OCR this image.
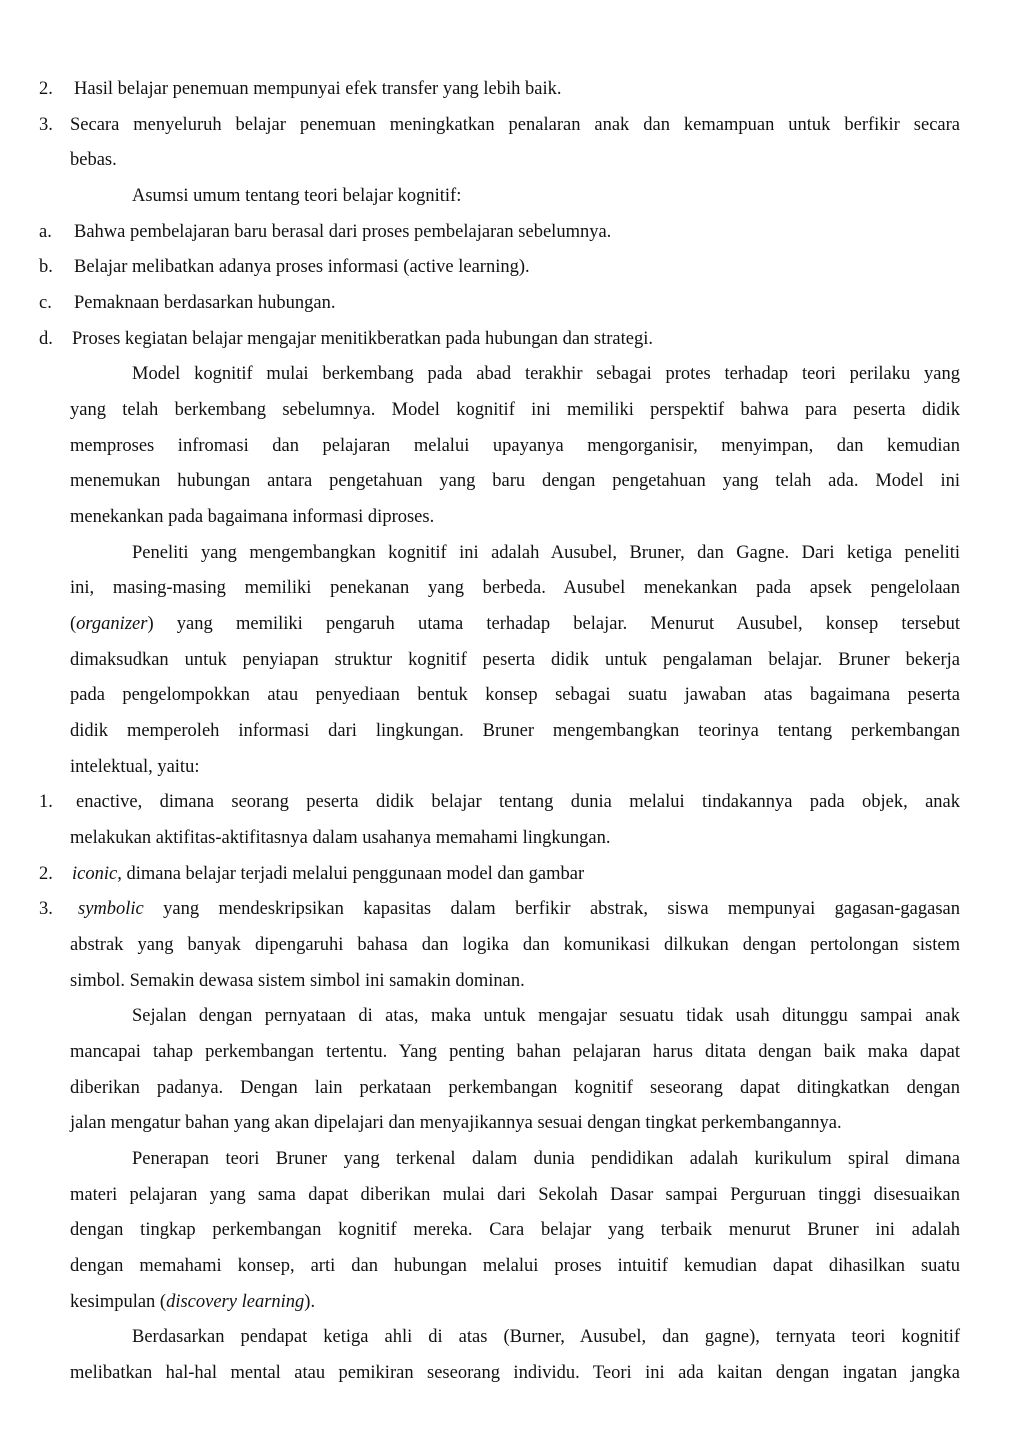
2. Hasil belajar penemuan mempunyai efek transfer yang lebih baik.
3. Secara menyeluruh belajar penemuan meningkatkan penalaran anak dan kemampuan untuk berfikir secara
bebas.
Asumsi umum tentang teori belajar kognitif:
a. Bahwa pembelajaran baru berasal dari proses pembelajaran sebelumnya.
b. Belajar melibatkan adanya proses informasi (active learning).
c. Pemaknaan berdasarkan hubungan.
d. Proses kegiatan belajar mengajar menitikberatkan pada hubungan dan strategi.
Model kognitif mulai berkembang pada abad terakhir sebagai protes terhadap teori perilaku yang
yang telah berkembang sebelumnya. Model kognitif ini memiliki perspektif bahwa para peserta didik
memproses infromasi dan pelajaran melalui upayanya mengorganisir, menyimpan, dan kemudian
menemukan hubungan antara pengetahuan yang baru dengan pengetahuan yang telah ada. Model ini
menekankan pada bagaimana informasi diproses.
Peneliti yang mengembangkan kognitif ini adalah Ausubel, Bruner, dan Gagne. Dari ketiga peneliti
ini, masing-masing memiliki penekanan yang berbeda. Ausubel menekankan pada apsek pengelolaan
(organizer) yang memiliki pengaruh utama terhadap belajar. Menurut Ausubel, konsep tersebut
dimaksudkan untuk penyiapan struktur kognitif peserta didik untuk pengalaman belajar. Bruner bekerja
pada pengelompokkan atau penyediaan bentuk konsep sebagai suatu jawaban atas bagaimana peserta
didik memperoleh informasi dari lingkungan. Bruner mengembangkan teorinya tentang perkembangan
intelektual, yaitu:
1. enactive, dimana seorang peserta didik belajar tentang dunia melalui tindakannya pada objek, anak
melakukan aktifitas-aktifitasnya dalam usahanya memahami lingkungan.
2. iconic, dimana belajar terjadi melalui penggunaan model dan gambar
3. symbolic yang mendeskripsikan kapasitas dalam berfikir abstrak, siswa mempunyai gagasan-gagasan
abstrak yang banyak dipengaruhi bahasa dan logika dan komunikasi dilkukan dengan pertolongan sistem
simbol. Semakin dewasa sistem simbol ini samakin dominan.
Sejalan dengan pernyataan di atas, maka untuk mengajar sesuatu tidak usah ditunggu sampai anak
mancapai tahap perkembangan tertentu. Yang penting bahan pelajaran harus ditata dengan baik maka dapat
diberikan padanya. Dengan lain perkataan perkembangan kognitif seseorang dapat ditingkatkan dengan
jalan mengatur bahan yang akan dipelajari dan menyajikannya sesuai dengan tingkat perkembangannya.
Penerapan teori Bruner yang terkenal dalam dunia pendidikan adalah kurikulum spiral dimana
materi pelajaran yang sama dapat diberikan mulai dari Sekolah Dasar sampai Perguruan tinggi disesuaikan
dengan tingkap perkembangan kognitif mereka. Cara belajar yang terbaik menurut Bruner ini adalah
dengan memahami konsep, arti dan hubungan melalui proses intuitif kemudian dapat dihasilkan suatu
kesimpulan (discovery learning).
Berdasarkan pendapat ketiga ahli di atas (Burner, Ausubel, dan gagne), ternyata teori kognitif
melibatkan hal-hal mental atau pemikiran seseorang individu. Teori ini ada kaitan dengan ingatan jangka
